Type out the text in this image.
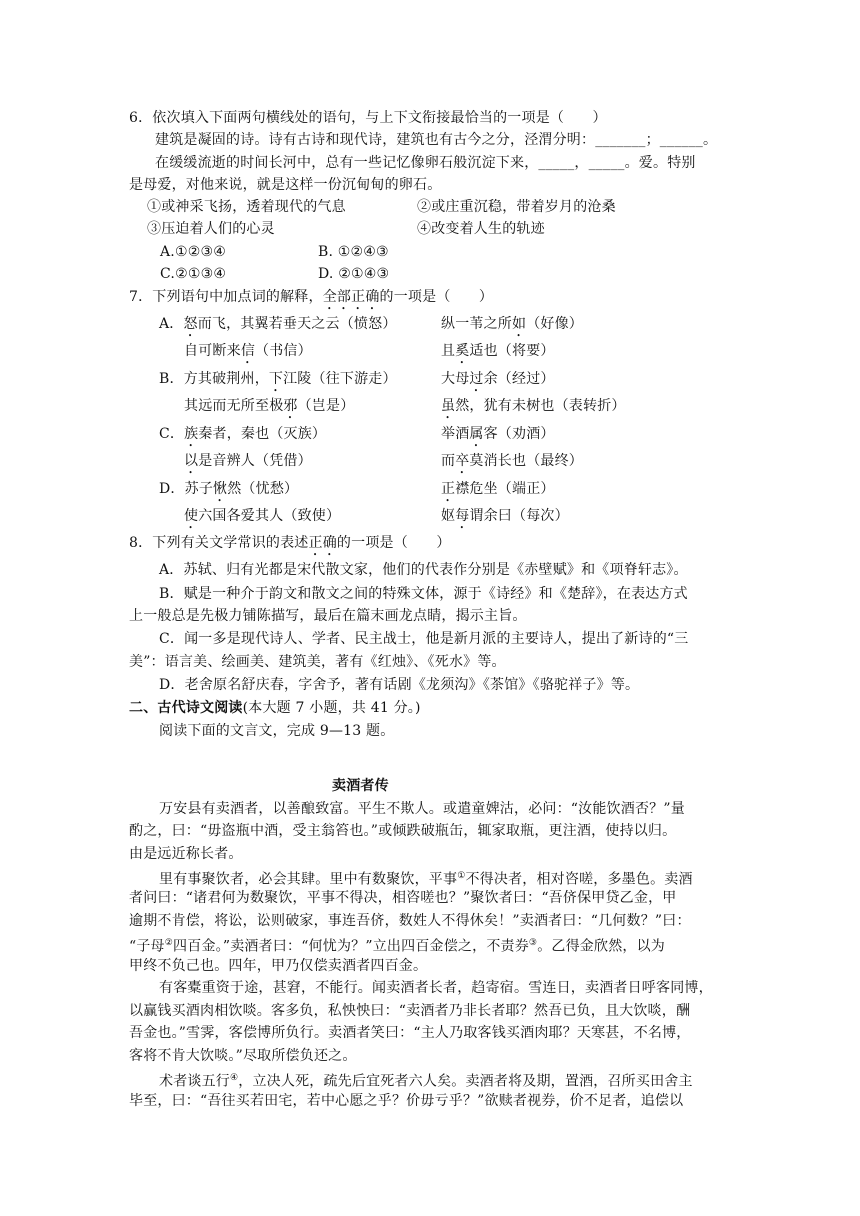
6．依次填入下面两句横线处的语句，与上下文衔接最恰当的一项是（　　）
建筑是凝固的诗。诗有古诗和现代诗，建筑也有古今之分，泾渭分明：_______；______。
在缓缓流逝的时间长河中，总有一些记忆像卵石般沉淀下来，_____，_____。爱。特别
是母爱，对他来说，就是这样一份沉甸甸的卵石。
①或神采飞扬，透着现代的气息	②或庄重沉稳，带着岁月的沧桑
③压迫着人们的心灵	④改变着人生的轨迹
A.①②③④	B. ①②④③
C.②①③④	D. ②①④③
7．下列语句中加点词的解释，全部正确的一项是（　　）
A．怒而飞，其翼若垂天之云（愤怒）	纵一苇之所如（好像）
自可断来信（书信）	且奚适也（将要）
B．方其破荆州，下江陵（往下游走）	大母过余（经过）
其远而无所至极邪（岂是）	虽然，犹有未树也（表转折）
C．族秦者，秦也（灭族）	举酒属客（劝酒）
以是音辨人（凭借）	而卒莫消长也（最终）
D．苏子愀然（忧愁）	正襟危坐（端正）
使六国各爱其人（致使）	妪每谓余曰（每次）
8．下列有关文学常识的表述正确的一项是（　　）
A．苏轼、归有光都是宋代散文家，他们的代表作分别是《赤壁赋》和《项脊轩志》。
B．赋是一种介于韵文和散文之间的特殊文体，源于《诗经》和《楚辞》，在表达方式
上一般总是先极力铺陈描写，最后在篇末画龙点睛，揭示主旨。
C．闻一多是现代诗人、学者、民主战士，他是新月派的主要诗人，提出了新诗的“三
美”：语言美、绘画美、建筑美，著有《红烛》、《死水》等。
D．老舍原名舒庆春，字舍予，著有话剧《龙须沟》《茶馆》《骆驼祥子》等。
二、古代诗文阅读(本大题 7 小题，共 41 分。)
阅读下面的文言文，完成 9—13 题。
卖酒者传
万安县有卖酒者，以善酿致富。平生不欺人。或遣童婢沽，必问：“汝能饮酒否？”量
酌之，曰：“毋盗瓶中酒，受主翁笞也。”或倾跌破瓶缶，辄家取瓶，更注酒，使持以归。
由是远近称长者。
里有事聚饮者，必会其肆。里中有数聚饮，平事①不得决者，相对咨嗟，多墨色。卖酒
者问曰：“诸君何为数聚饮，平事不得决，相咨嗟也？”聚饮者曰：“吾侪保甲贷乙金，甲
逾期不肯偿，将讼，讼则破家，事连吾侪，数姓人不得休矣！”卖酒者曰：“几何数？”曰：
“子母②四百金。”卖酒者曰：“何忧为？”立出四百金偿之，不责券③。乙得金欣然，以为
甲终不负己也。四年，甲乃仅偿卖酒者四百金。
有客橐重资于途，甚窘，不能行。闻卖酒者长者，趋寄宿。雪连日，卖酒者日呼客同博，
以赢钱买酒肉相饮啖。客多负，私怏怏曰：“卖酒者乃非长者耶？然吾已负，且大饮啖，酬
吾金也。”雪霁，客偿博所负行。卖酒者笑曰：“主人乃取客钱买酒肉耶？天寒甚，不名博，
客将不肯大饮啖。”尽取所偿负还之。
术者谈五行④，立决人死，疏先后宜死者六人矣。卖酒者将及期，置酒，召所买田舍主
毕至，曰：“吾往买若田宅，若中心愿之乎？价毋亏乎？”欲赎者视券，价不足者，追偿以
